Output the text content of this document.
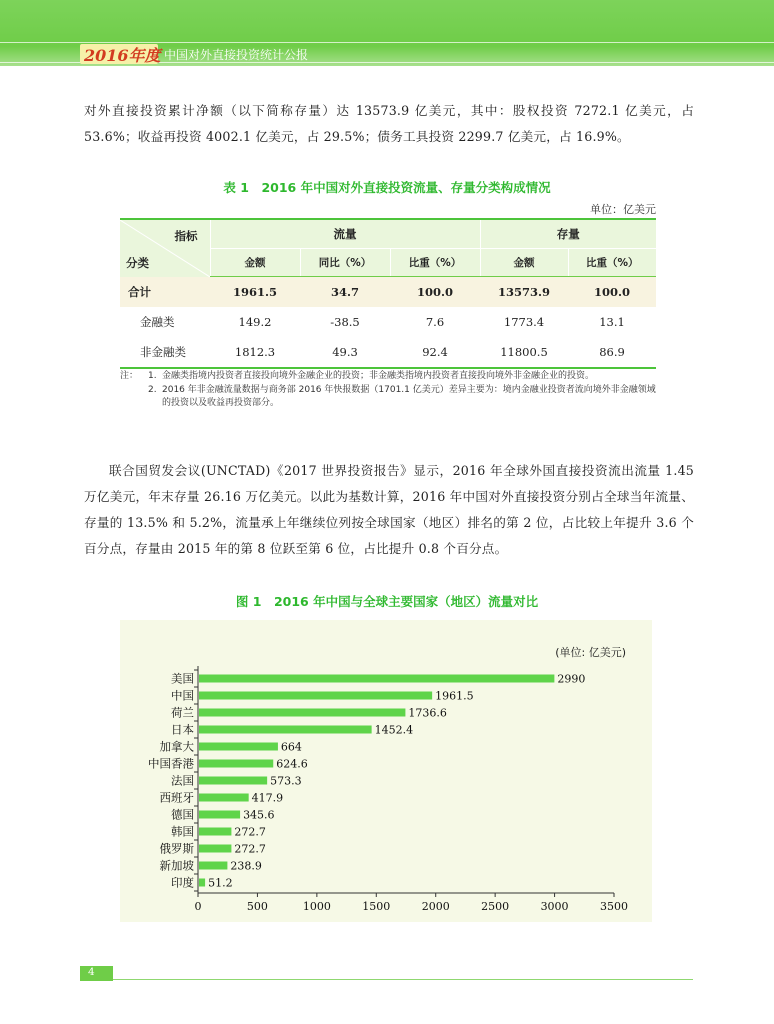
2016年度 中国对外直接投资统计公报

对外直接投资累计净额（以下简称存量）达 13573.9 亿美元，其中：股权投资 7272.1 亿美元，占 53.6%；收益再投资 4002.1 亿美元，占 29.5%；债务工具投资 2299.7 亿美元，占 16.9%。

表 1　2016 年中国对外直接投资流量、存量分类构成情况
单位：亿美元
指标
分类	流量			存量	
	金额	同比（%）	比重（%）	金额	比重（%）
合计	1961.5	34.7	100.0	13573.9	100.0
金融类	149.2	-38.5	7.6	1773.4	13.1
非金融类	1812.3	49.3	92.4	11800.5	86.9
注：	1. 金融类指境内投资者直接投向境外金融企业的投资；非金融类指境内投资者直接投向境外非金融企业的投资。
2. 2016 年非金融流量数据与商务部 2016 年快报数据（1701.1 亿美元）差异主要为：境内金融业投资者流向境外非金融领域的投资以及收益再投资部分。

联合国贸发会议(UNCTAD)《2017 世界投资报告》显示，2016 年全球外国直接投资流出流量 1.45 万亿美元，年末存量 26.16 万亿美元。以此为基数计算，2016 年中国对外直接投资分别占全球当年流量、存量的 13.5% 和 5.2%，流量承上年继续位列按全球国家（地区）排名的第 2 位，占比较上年提升 3.6 个百分点，存量由 2015 年的第 8 位跃至第 6 位，占比提升 0.8 个百分点。

图 1　2016 年中国与全球主要国家（地区）流量对比
(单位: 亿美元)
美国	2990
中国	1961.5
荷兰	1736.6
日本	1452.4
加拿大	664
中国香港	624.6
法国	573.3
西班牙	417.9
德国	345.6
韩国	272.7
俄罗斯	272.7
新加坡	238.9
印度 51.2
0	500	1000	1500	2000	2500	3000	3500
4
